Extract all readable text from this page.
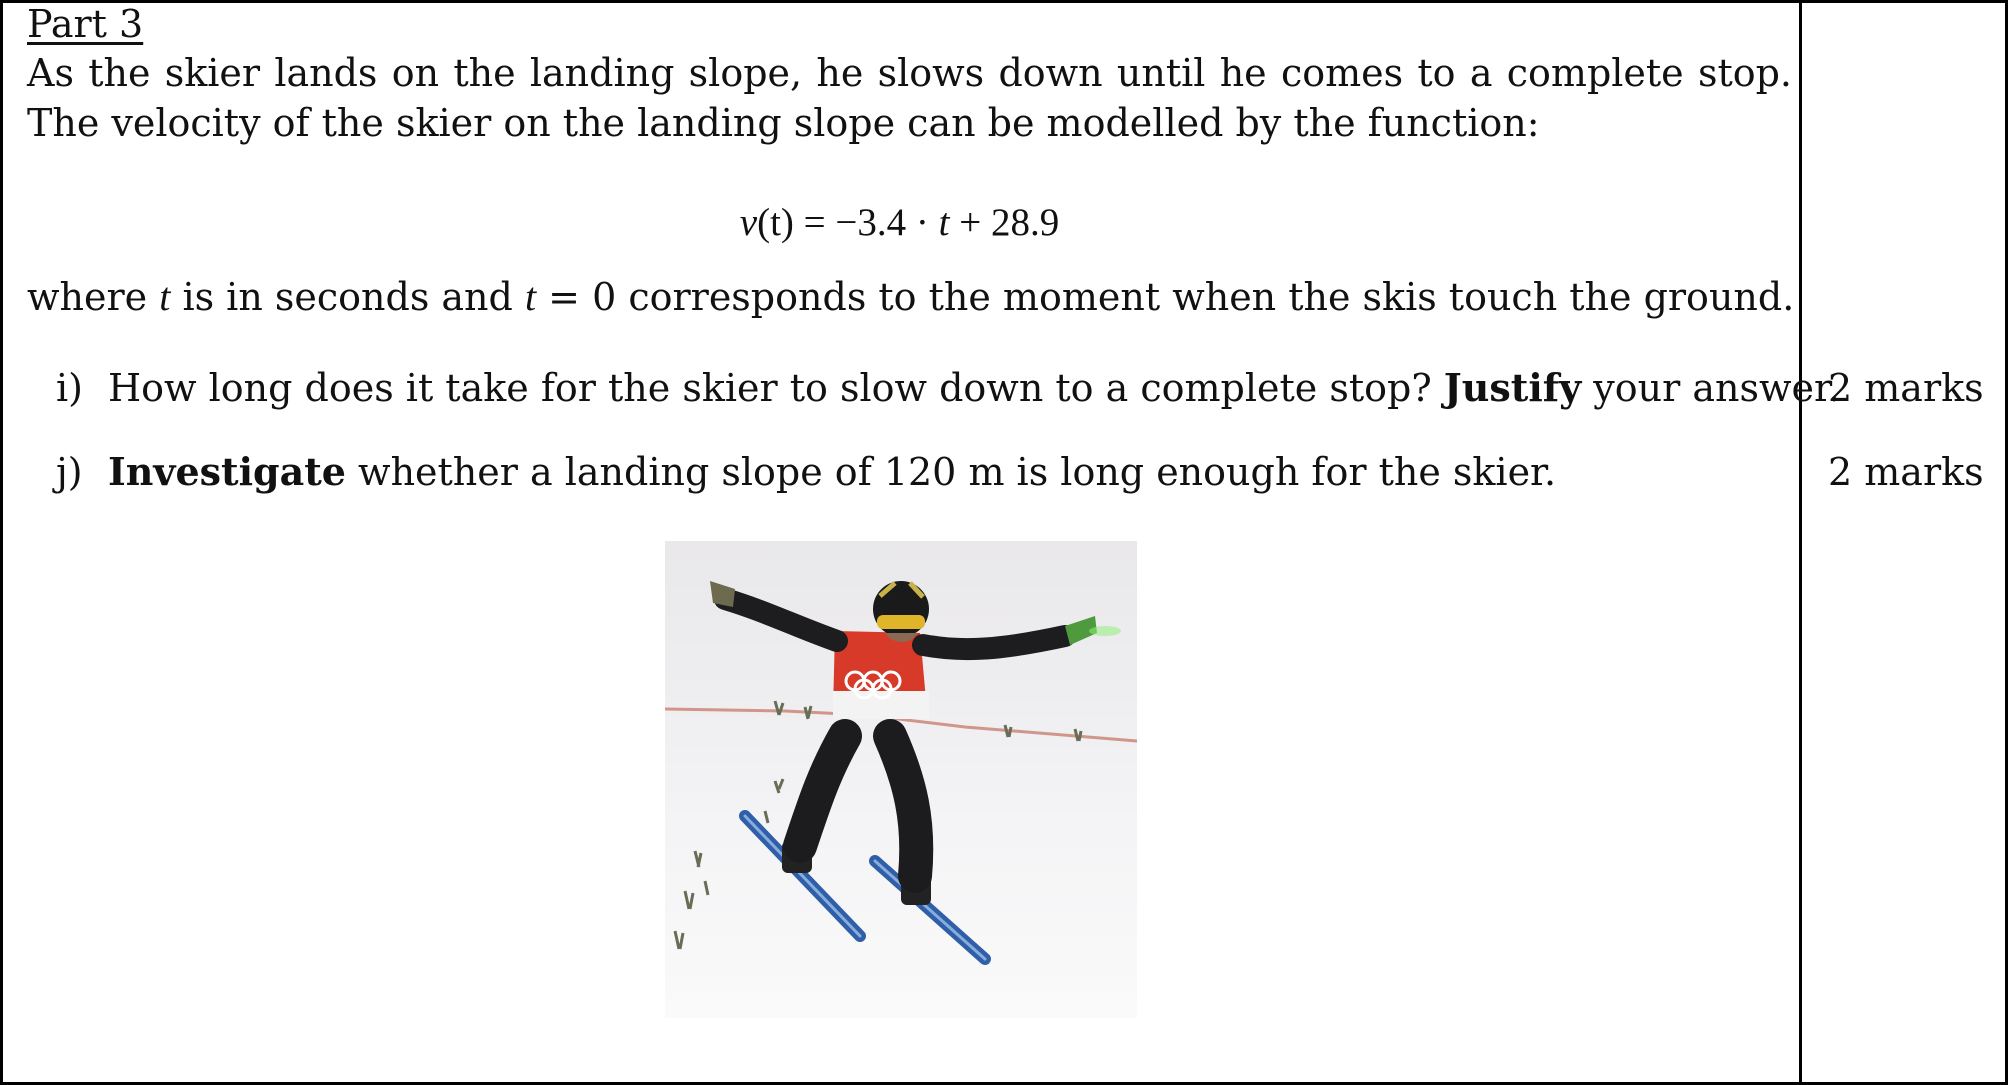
Part 3
As the skier lands on the landing slope, he slows down until he comes to a complete stop. The velocity of the skier on the landing slope can be modelled by the function:
v(t) = −3.4 · t + 28.9
where t is in seconds and t = 0 corresponds to the moment when the skis touch the ground.
i) How long does it take for the skier to slow down to a complete stop? Justify your answer.
2 marks
j) Investigate whether a landing slope of 120 m is long enough for the skier.	2 marks
